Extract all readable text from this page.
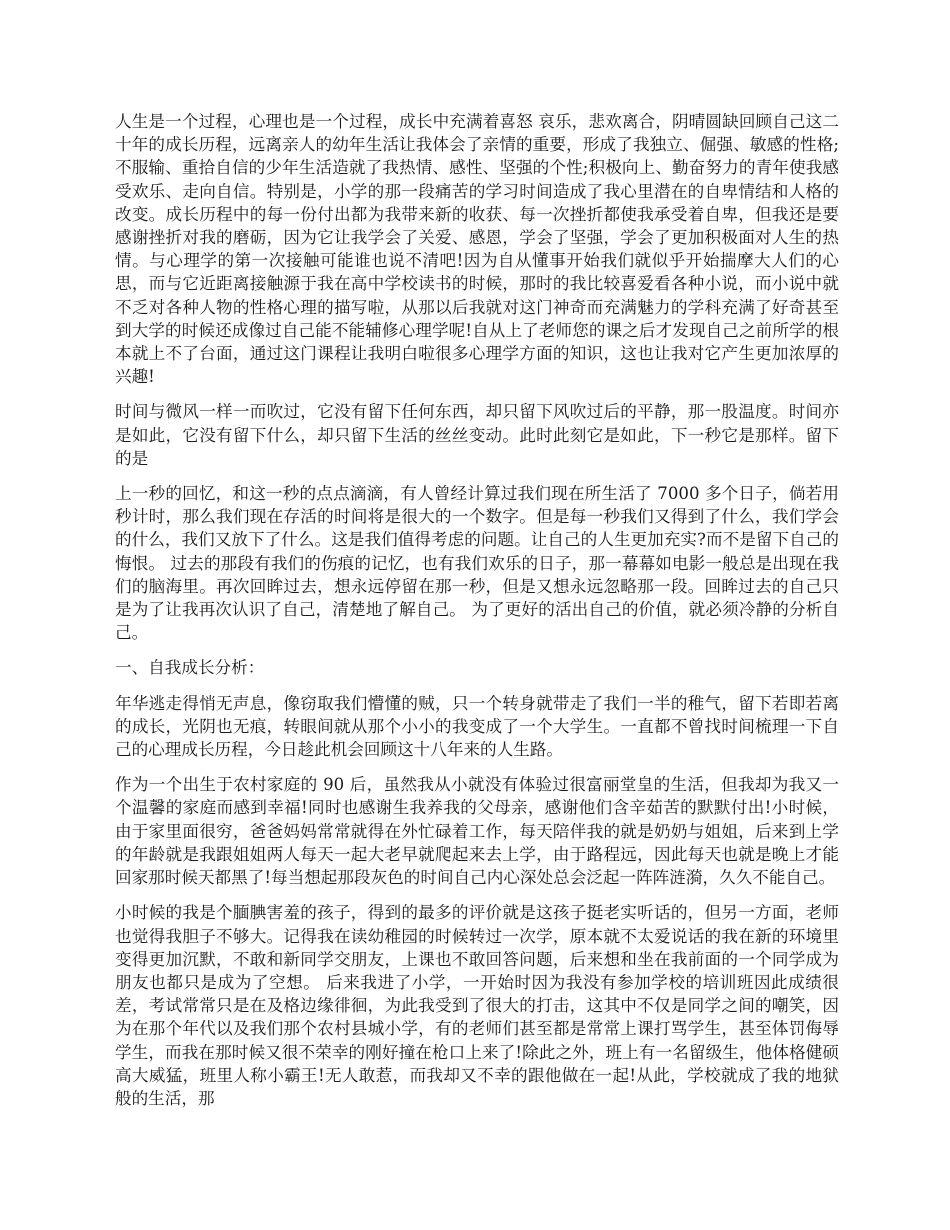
人生是一个过程，心理也是一个过程，成长中充满着喜怒 哀乐，悲欢离合，阴晴圆缺回顾自己这二十年的成长历程，远离亲人的幼年生活让我体会了亲情的重要，形成了我独立、倔强、敏感的性格;不服输、重拾自信的少年生活造就了我热情、感性、坚强的个性;积极向上、勤奋努力的青年使我感受欢乐、走向自信。特别是，小学的那一段痛苦的学习时间造成了我心里潜在的自卑情结和人格的改变。成长历程中的每一份付出都为我带来新的收获、每一次挫折都使我承受着自卑，但我还是要感谢挫折对我的磨砺，因为它让我学会了关爱、感恩，学会了坚强，学会了更加积极面对人生的热情。与心理学的第一次接触可能谁也说不清吧!因为自从懂事开始我们就似乎开始揣摩大人们的心思，而与它近距离接触源于我在高中学校读书的时候，那时的我比较喜爱看各种小说，而小说中就不乏对各种人物的性格心理的描写啦，从那以后我就对这门神奇而充满魅力的学科充满了好奇甚至到大学的时候还成像过自己能不能辅修心理学呢!自从上了老师您的课之后才发现自己之前所学的根本就上不了台面，通过这门课程让我明白啦很多心理学方面的知识，这也让我对它产生更加浓厚的兴趣!

时间与微风一样一而吹过，它没有留下任何东西，却只留下风吹过后的平静，那一股温度。时间亦是如此，它没有留下什么，却只留下生活的丝丝变动。此时此刻它是如此，下一秒它是那样。留下的是

上一秒的回忆，和这一秒的点点滴滴，有人曾经计算过我们现在所生活了 7000 多个日子，倘若用秒计时，那么我们现在存活的时间将是很大的一个数字。但是每一秒我们又得到了什么，我们学会的什么，我们又放下了什么。这是我们值得考虑的问题。让自己的人生更加充实?而不是留下自己的悔恨。 过去的那段有我们的伤痕的记忆，也有我们欢乐的日子，那一幕幕如电影一般总是出现在我们的脑海里。再次回眸过去，想永远停留在那一秒，但是又想永远忽略那一段。回眸过去的自己只是为了让我再次认识了自己，清楚地了解自己。 为了更好的活出自己的价值，就必须冷静的分析自己。

一、自我成长分析：

年华逃走得悄无声息，像窃取我们懵懂的贼，只一个转身就带走了我们一半的稚气，留下若即若离的成长，光阴也无痕，转眼间就从那个小小的我变成了一个大学生。一直都不曾找时间梳理一下自己的心理成长历程，今日趁此机会回顾这十八年来的人生路。

作为一个出生于农村家庭的 90 后，虽然我从小就没有体验过很富丽堂皇的生活，但我却为我又一个温馨的家庭而感到幸福!同时也感谢生我养我的父母亲，感谢他们含辛茹苦的默默付出!小时候，由于家里面很穷，爸爸妈妈常常就得在外忙碌着工作，每天陪伴我的就是奶奶与姐姐，后来到上学的年龄就是我跟姐姐两人每天一起大老早就爬起来去上学，由于路程远，因此每天也就是晚上才能回家那时候天都黑了!每当想起那段灰色的时间自己内心深处总会泛起一阵阵涟漪，久久不能自己。

小时候的我是个腼腆害羞的孩子，得到的最多的评价就是这孩子挺老实听话的，但另一方面，老师也觉得我胆子不够大。记得我在读幼稚园的时候转过一次学，原本就不太爱说话的我在新的环境里变得更加沉默，不敢和新同学交朋友，上课也不敢回答问题，后来想和坐在我前面的一个同学成为朋友也都只是成为了空想。 后来我进了小学，一开始时因为我没有参加学校的培训班因此成绩很差，考试常常只是在及格边缘徘徊，为此我受到了很大的打击，这其中不仅是同学之间的嘲笑，因为在那个年代以及我们那个农村县城小学，有的老师们甚至都是常常上课打骂学生，甚至体罚侮辱学生，而我在那时候又很不荣幸的刚好撞在枪口上来了!除此之外，班上有一名留级生，他体格健硕高大威猛，班里人称小霸王!无人敢惹，而我却又不幸的跟他做在一起!从此，学校就成了我的地狱般的生活，那
